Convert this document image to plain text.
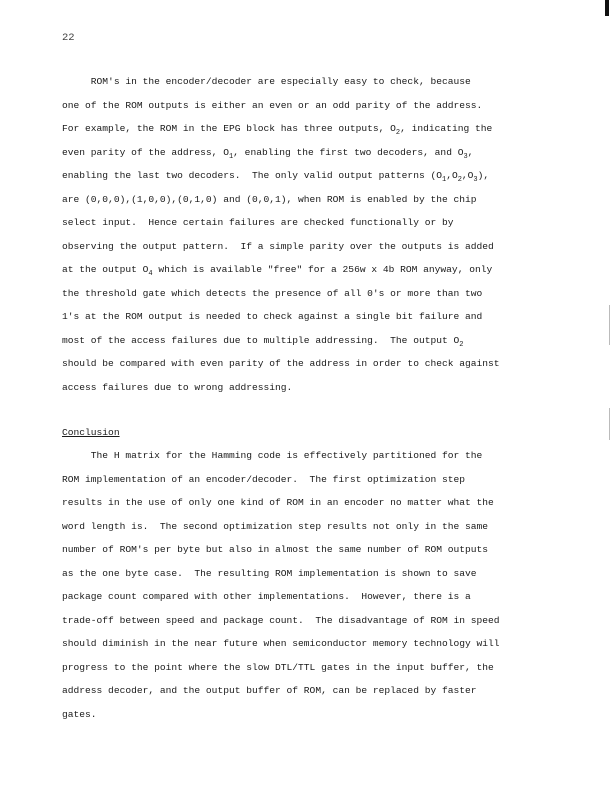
22
ROM's in the encoder/decoder are especially easy to check, because
one of the ROM outputs is either an even or an odd parity of the address.
For example, the ROM in the EPG block has three outputs, $O_2$, indicating the
even parity of the address, $O_1$, enabling the first two decoders, and $O_3$,
enabling the last two decoders.  The only valid output patterns $(O_1,O_2,O_3)$,
are (0,0,0),(1,0,0),(0,1,0) and (0,0,1), when ROM is enabled by the chip
select input.  Hence certain failures are checked functionally or by
observing the output pattern.  If a simple parity over the outputs is added
at the output $O_4$ which is available "free" for a 256w x 4b ROM anyway, only
the threshold gate which detects the presence of all 0's or more than two
1's at the ROM output is needed to check against a single bit failure and
most of the access failures due to multiple addressing.  The output $O_2$
should be compared with even parity of the address in order to check against
access failures due to wrong addressing.
Conclusion
The H matrix for the Hamming code is effectively partitioned for the
ROM implementation of an encoder/decoder.  The first optimization step
results in the use of only one kind of ROM in an encoder no matter what the
word length is.  The second optimization step results not only in the same
number of ROM's per byte but also in almost the same number of ROM outputs
as the one byte case.  The resulting ROM implementation is shown to save
package count compared with other implementations.  However, there is a
trade-off between speed and package count.  The disadvantage of ROM in speed
should diminish in the near future when semiconductor memory technology will
progress to the point where the slow DTL/TTL gates in the input buffer, the
address decoder, and the output buffer of ROM, can be replaced by faster
gates.
